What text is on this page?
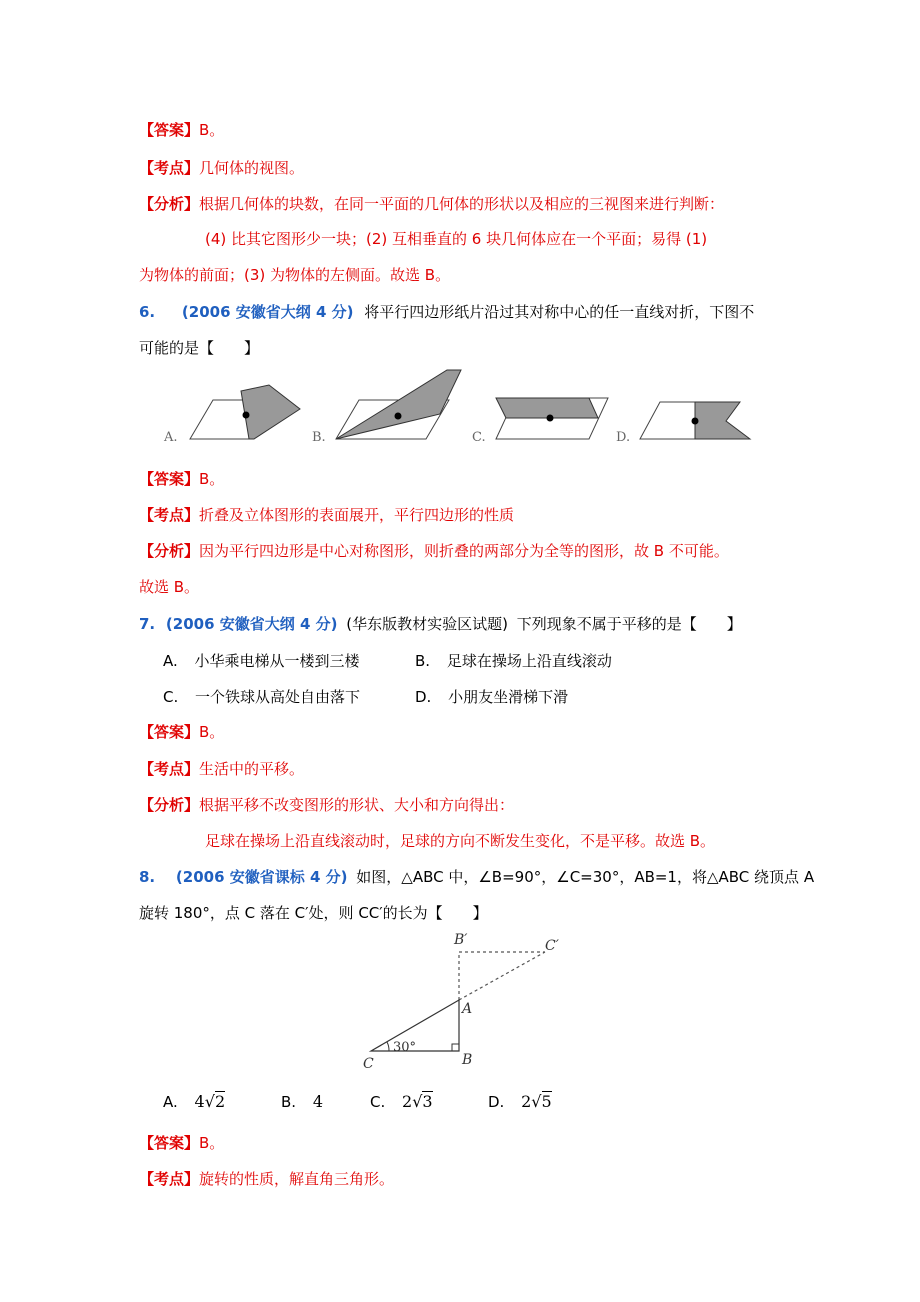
【答案】B。
【考点】几何体的视图。
【分析】根据几何体的块数，在同一平面的几何体的形状以及相应的三视图来进行判断：
(4) 比其它图形少一块；(2) 互相垂直的 6 块几何体应在一个平面；易得 (1)
为物体的前面；(3) 为物体的左侧面。故选 B。
6. (2006 安徽省大纲 4 分) 将平行四边形纸片沿过其对称中心的任一直线对折，下图不
可能的是【　　】
A.	B.	C.	D.
【答案】B。
【考点】折叠及立体图形的表面展开，平行四边形的性质
【分析】因为平行四边形是中心对称图形，则折叠的两部分为全等的图形，故 B 不可能。
故选 B。
7. (2006 安徽省大纲 4 分) (华东版教材实验区试题) 下列现象不属于平移的是【　　】
A. 小华乘电梯从一楼到三楼	B. 足球在操场上沿直线滚动
C. 一个铁球从高处自由落下	D. 小朋友坐滑梯下滑
【答案】B。
【考点】生活中的平移。
【分析】根据平移不改变图形的形状、大小和方向得出：
足球在操场上沿直线滚动时，足球的方向不断发生变化，不是平移。故选 B。
8. (2006 安徽省课标 4 分) 如图，△ABC 中，∠B=90°，∠C=30°，AB=1，将△ABC 绕顶点 A
旋转 180°，点 C 落在 C′处，则 CC′的长为【　　】
B′	C′
A
B
C
30°
A. 4√2	B. 4	C. 2√3	D. 2√5
【答案】B。
【考点】旋转的性质，解直角三角形。
